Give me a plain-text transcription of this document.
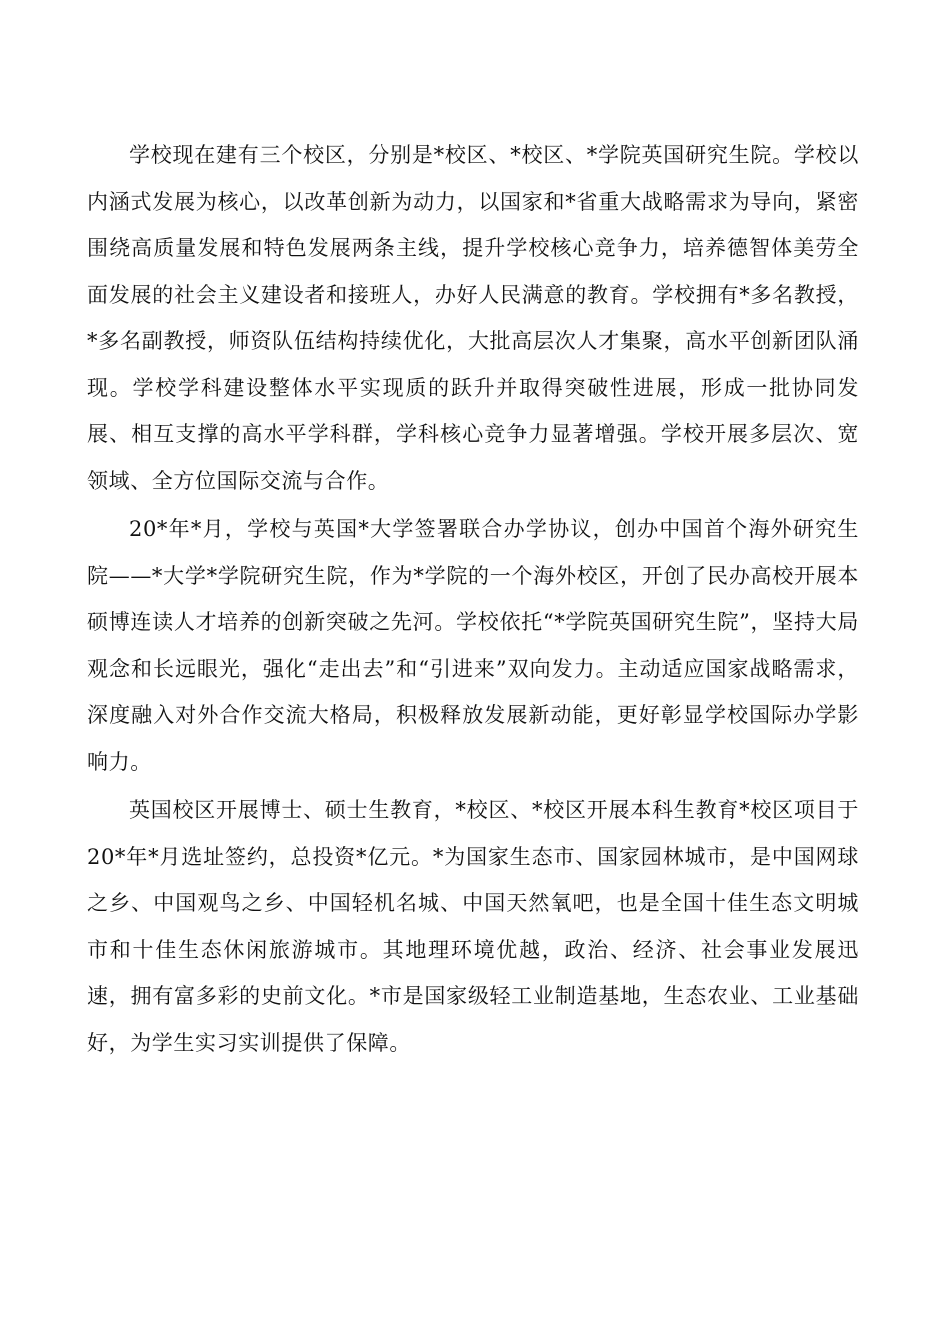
学校现在建有三个校区，分别是*校区、*校区、*学院英国研究生院。学校以内涵式发展为核心，以改革创新为动力，以国家和*省重大战略需求为导向，紧密围绕高质量发展和特色发展两条主线，提升学校核心竞争力，培养德智体美劳全面发展的社会主义建设者和接班人，办好人民满意的教育。学校拥有*多名教授，*多名副教授，师资队伍结构持续优化，大批高层次人才集聚，高水平创新团队涌现。学校学科建设整体水平实现质的跃升并取得突破性进展，形成一批协同发展、相互支撑的高水平学科群，学科核心竞争力显著增强。学校开展多层次、宽领域、全方位国际交流与合作。

20*年*月，学校与英国*大学签署联合办学协议，创办中国首个海外研究生院——*大学*学院研究生院，作为*学院的一个海外校区，开创了民办高校开展本硕博连读人才培养的创新突破之先河。学校依托“*学院英国研究生院”，坚持大局观念和长远眼光，强化“走出去”和“引进来”双向发力。主动适应国家战略需求，深度融入对外合作交流大格局，积极释放发展新动能，更好彰显学校国际办学影响力。

英国校区开展博士、硕士生教育，*校区、*校区开展本科生教育*校区项目于20*年*月选址签约，总投资*亿元。*为国家生态市、国家园林城市，是中国网球之乡、中国观鸟之乡、中国轻机名城、中国天然氧吧，也是全国十佳生态文明城市和十佳生态休闲旅游城市。其地理环境优越，政治、经济、社会事业发展迅速，拥有富多彩的史前文化。*市是国家级轻工业制造基地，生态农业、工业基础好，为学生实习实训提供了保障。
